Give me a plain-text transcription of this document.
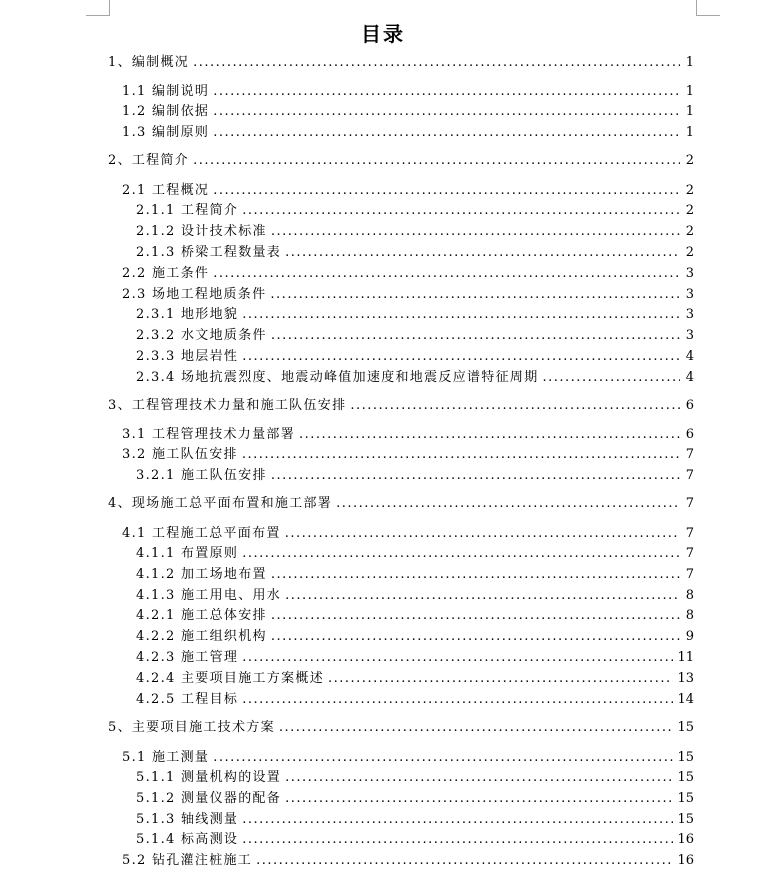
目录
1、编制概况 .....	1
1.1 编制说明 .....	1
1.2 编制依据 .....	1
1.3 编制原则 .....	1
2、工程简介 .....	2
2.1 工程概况 .....	2
2.1.1 工程简介 .....	2
2.1.2 设计技术标准 .....	2
2.1.3 桥梁工程数量表 .....	2
2.2 施工条件 .....	3
2.3 场地工程地质条件 .....	3
2.3.1 地形地貌 .....	3
2.3.2 水文地质条件 .....	3
2.3.3 地层岩性 .....	4
2.3.4 场地抗震烈度、地震动峰值加速度和地震反应谱特征周期 .....	4
3、工程管理技术力量和施工队伍安排 .....	6
3.1 工程管理技术力量部署 .....	6
3.2 施工队伍安排 .....	7
3.2.1 施工队伍安排 .....	7
4、现场施工总平面布置和施工部署 .....	7
4.1 工程施工总平面布置 .....	7
4.1.1 布置原则 .....	7
4.1.2 加工场地布置 .....	7
4.1.3 施工用电、用水 .....	8
4.2.1 施工总体安排 .....	8
4.2.2 施工组织机构 .....	9
4.2.3 施工管理 .....	11
4.2.4 主要项目施工方案概述 .....	13
4.2.5 工程目标 .....	14
5、主要项目施工技术方案 .....	15
5.1 施工测量 .....	15
5.1.1 测量机构的设置 .....	15
5.1.2 测量仪器的配备 .....	15
5.1.3 轴线测量 .....	15
5.1.4 标高测设 .....	16
5.2 钻孔灌注桩施工 .....	16
